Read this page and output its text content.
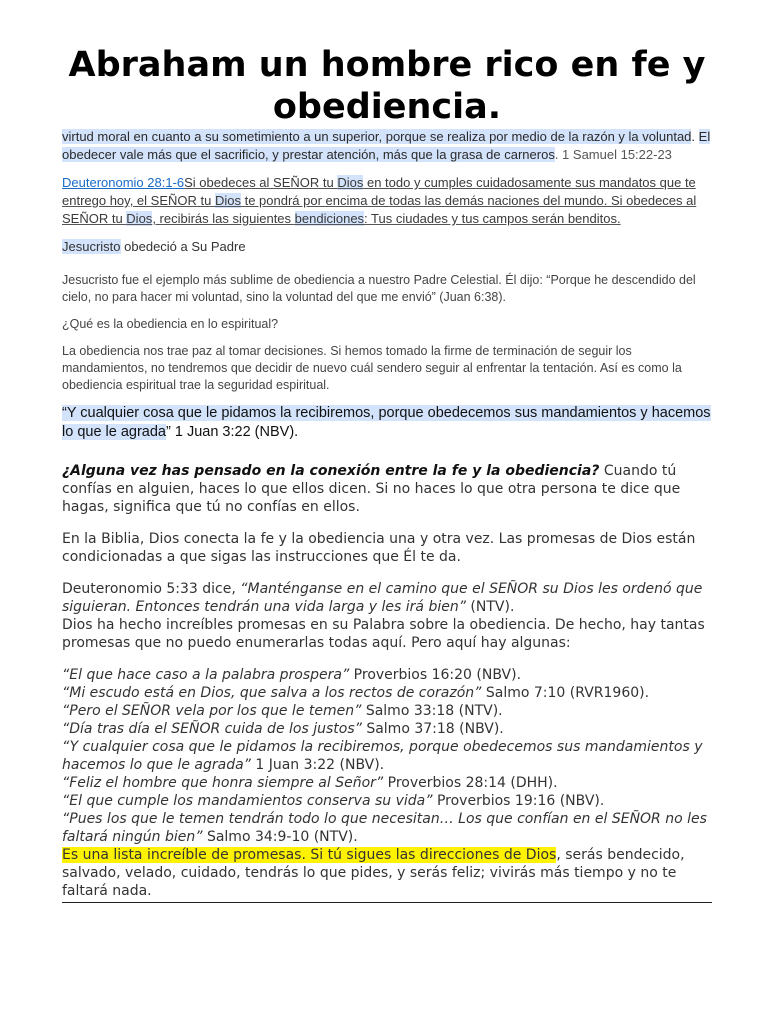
Abraham un hombre rico en fe y obediencia.

virtud moral en cuanto a su sometimiento a un superior, porque se realiza por medio de la razón y la voluntad. El obedecer vale más que el sacrificio, y prestar atención, más que la grasa de carneros. 1 Samuel 15:22-23

Deuteronomio 28:1-6Si obedeces al SEÑOR tu Dios en todo y cumples cuidadosamente sus mandatos que te entrego hoy, el SEÑOR tu Dios te pondrá por encima de todas las demás naciones del mundo. Si obedeces al SEÑOR tu Dios, recibirás las siguientes bendiciones: Tus ciudades y tus campos serán benditos.

Jesucristo obedeció a Su Padre

Jesucristo fue el ejemplo más sublime de obediencia a nuestro Padre Celestial. Él dijo: “Porque he descendido del cielo, no para hacer mi voluntad, sino la voluntad del que me envió” (Juan 6:38).

¿Qué es la obediencia en lo espiritual?

La obediencia nos trae paz al tomar decisiones. Si hemos tomado la firme de terminación de seguir los mandamientos, no tendremos que decidir de nuevo cuál sendero seguir al enfrentar la tentación. Así es como la obediencia espiritual trae la seguridad espiritual.

“Y cualquier cosa que le pidamos la recibiremos, porque obedecemos sus mandamientos y hacemos lo que le agrada” 1 Juan 3:22 (NBV).

¿Alguna vez has pensado en la conexión entre la fe y la obediencia? Cuando tú confías en alguien, haces lo que ellos dicen. Si no haces lo que otra persona te dice que hagas, significa que tú no confías en ellos.

En la Biblia, Dios conecta la fe y la obediencia una y otra vez. Las promesas de Dios están condicionadas a que sigas las instrucciones que Él te da.

Deuteronomio 5:33 dice, “Manténganse en el camino que el SEÑOR su Dios les ordenó que siguieran. Entonces tendrán una vida larga y les irá bien” (NTV).
Dios ha hecho increíbles promesas en su Palabra sobre la obediencia. De hecho, hay tantas promesas que no puedo enumerarlas todas aquí. Pero aquí hay algunas:

“El que hace caso a la palabra prospera” Proverbios 16:20 (NBV).
“Mi escudo está en Dios, que salva a los rectos de corazón” Salmo 7:10 (RVR1960).
“Pero el SEÑOR vela por los que le temen” Salmo 33:18 (NTV).
“Día tras día el SEÑOR cuida de los justos” Salmo 37:18 (NBV).
“Y cualquier cosa que le pidamos la recibiremos, porque obedecemos sus mandamientos y hacemos lo que le agrada” 1 Juan 3:22 (NBV).
“Feliz el hombre que honra siempre al Señor” Proverbios 28:14 (DHH).
“El que cumple los mandamientos conserva su vida” Proverbios 19:16 (NBV).
“Pues los que le temen tendrán todo lo que necesitan… Los que confían en el SEÑOR no les faltará ningún bien” Salmo 34:9-10 (NTV).
Es una lista increíble de promesas. Si tú sigues las direcciones de Dios, serás bendecido, salvado, velado, cuidado, tendrás lo que pides, y serás feliz; vivirás más tiempo y no te faltará nada.
